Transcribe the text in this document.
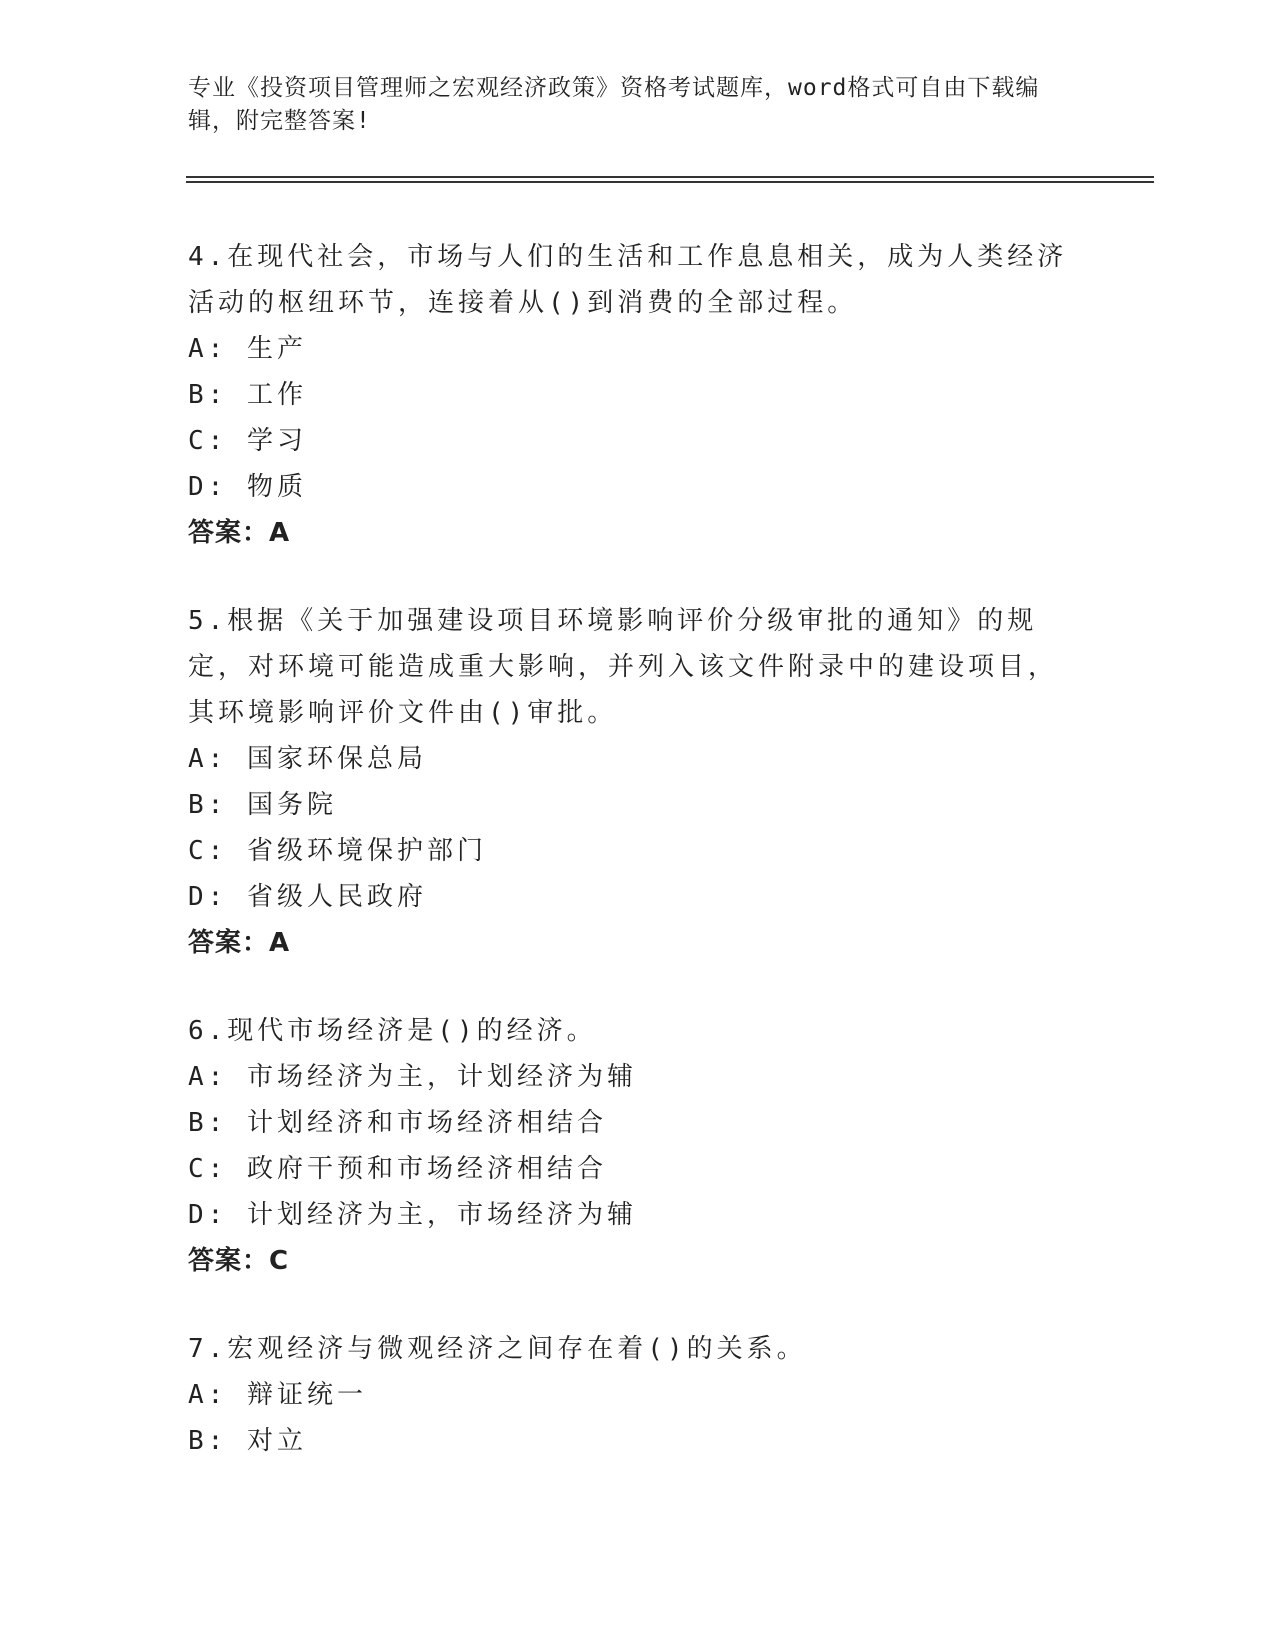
专业《投资项目管理师之宏观经济政策》资格考试题库，word格式可自由下载编辑，附完整答案!
4.在现代社会，市场与人们的生活和工作息息相关，成为人类经济活动的枢纽环节，连接着从()到消费的全部过程。
A: 生产
B: 工作
C: 学习
D: 物质
答案：A
5.根据《关于加强建设项目环境影响评价分级审批的通知》的规定，对环境可能造成重大影响，并列入该文件附录中的建设项目，其环境影响评价文件由()审批。
A: 国家环保总局
B: 国务院
C: 省级环境保护部门
D: 省级人民政府
答案：A
6.现代市场经济是()的经济。
A: 市场经济为主，计划经济为辅
B: 计划经济和市场经济相结合
C: 政府干预和市场经济相结合
D: 计划经济为主，市场经济为辅
答案：C
7.宏观经济与微观经济之间存在着()的关系。
A: 辩证统一
B: 对立
